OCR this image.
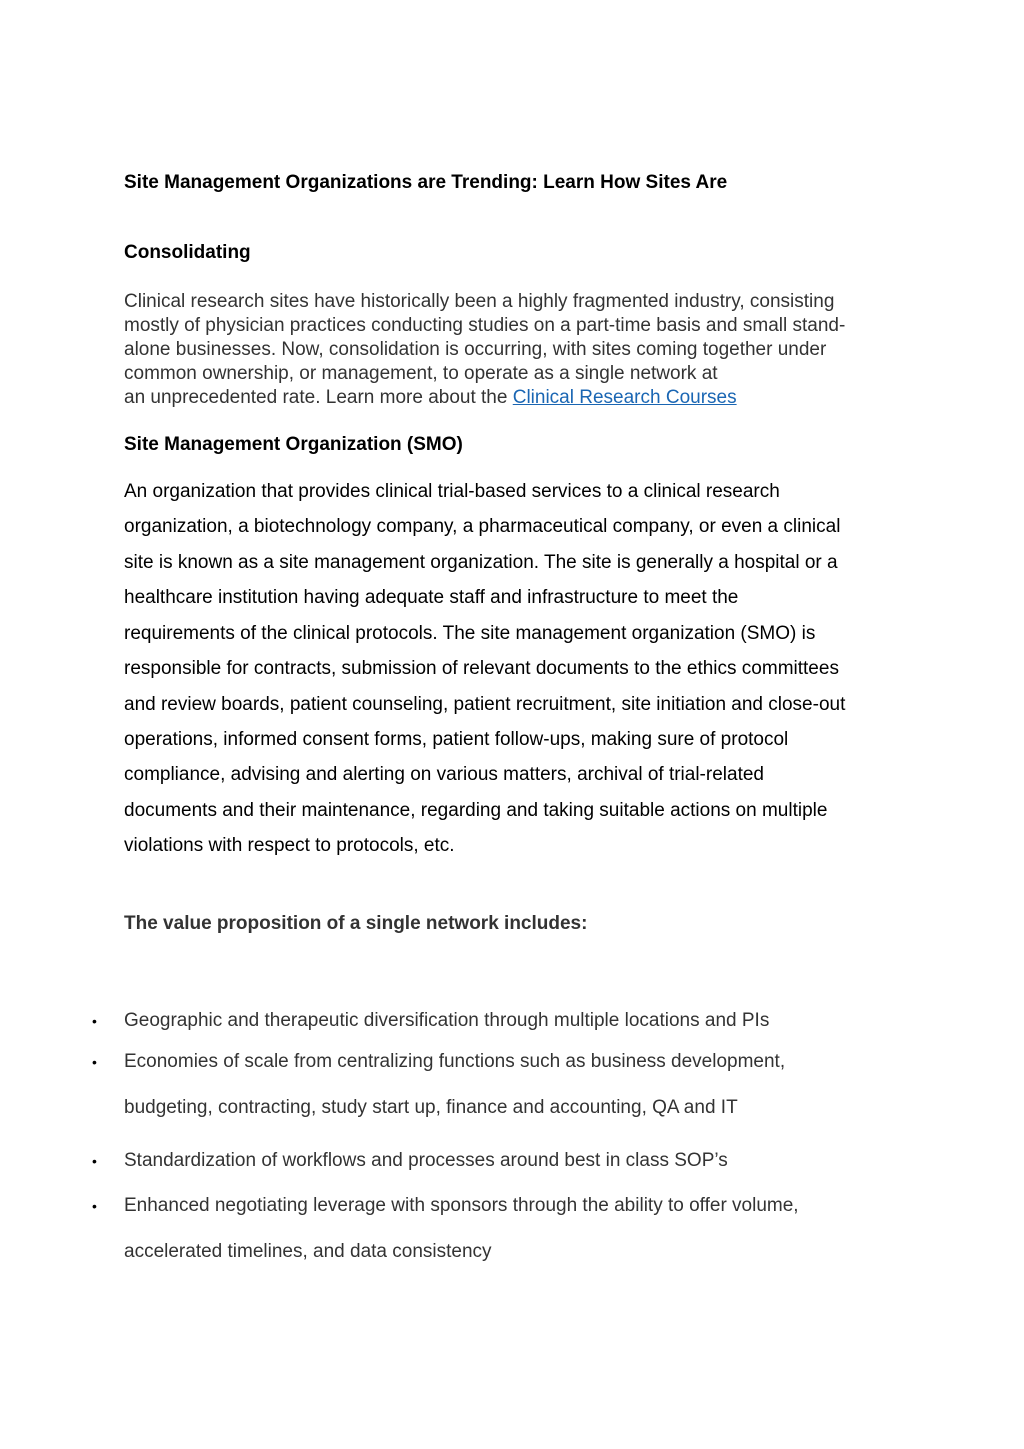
Site Management Organizations are Trending: Learn How Sites Are
Consolidating
Clinical research sites have historically been a highly fragmented industry, consisting
mostly of physician practices conducting studies on a part-time basis and small stand-
alone businesses. Now, consolidation is occurring, with sites coming together under
common ownership, or management, to operate as a single network at
an unprecedented rate. Learn more about the Clinical Research Courses
Site Management Organization (SMO)
An organization that provides clinical trial-based services to a clinical research
organization, a biotechnology company, a pharmaceutical company, or even a clinical
site is known as a site management organization. The site is generally a hospital or a
healthcare institution having adequate staff and infrastructure to meet the
requirements of the clinical protocols. The site management organization (SMO) is
responsible for contracts, submission of relevant documents to the ethics committees
and review boards, patient counseling, patient recruitment, site initiation and close-out
operations, informed consent forms, patient follow-ups, making sure of protocol
compliance, advising and alerting on various matters, archival of trial-related
documents and their maintenance, regarding and taking suitable actions on multiple
violations with respect to protocols, etc.
The value proposition of a single network includes:
• Geographic and therapeutic diversification through multiple locations and PIs
• Economies of scale from centralizing functions such as business development,
budgeting, contracting, study start up, finance and accounting, QA and IT
• Standardization of workflows and processes around best in class SOP’s
• Enhanced negotiating leverage with sponsors through the ability to offer volume,
accelerated timelines, and data consistency
